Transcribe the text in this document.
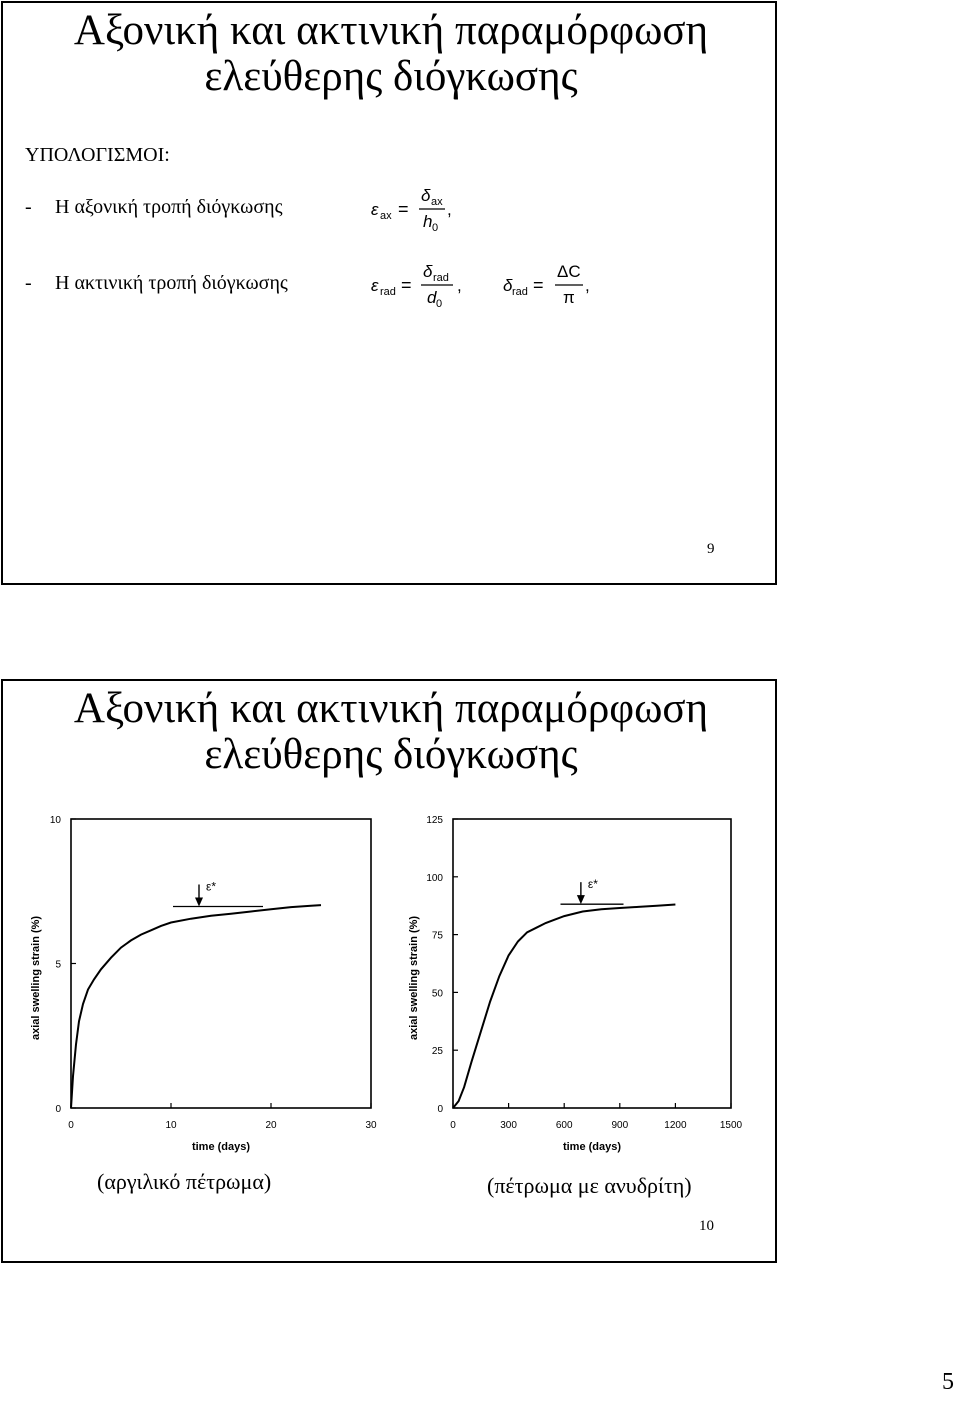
Αξονική και ακτινική παραμόρφωση
ελεύθερης διόγκωσης
ΥΠΟΛΟΓΙΣΜΟΙ:
- Η αξονική τροπή διόγκωσης
- Η ακτινική τροπή διόγκωσης
ε ax =
δ ax
h 0
,
ε rad =
δ rad
d 0
, δ rad =
ΔC
π
,
9
Αξονική και ακτινική παραμόρφωση
ελεύθερης διόγκωσης
0	10	20	30
0
5
10
time (days)
axial swelling strain (%)
ε*
0	300	600	900	1200	1500
0
25
50
75
100
125
time (days)
axial swelling strain (%)
ε*
(αργιλικό πέτρωμα)	(πέτρωμα με ανυδρίτη)
10
5
